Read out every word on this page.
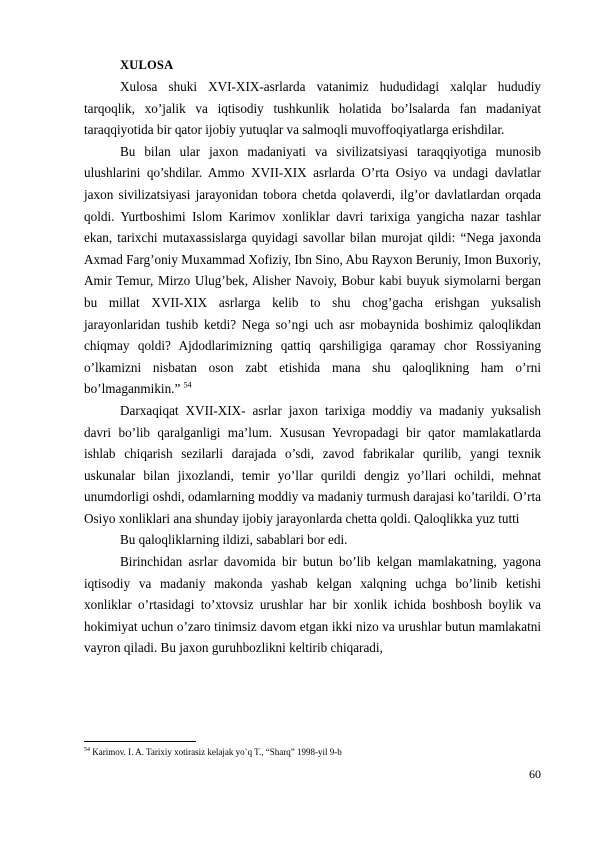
XULOSA

Xulosa shuki XVI-XIX-asrlarda vatanimiz hududidagi xalqlar hududiy tarqoqlik, xo’jalik va iqtisodiy tushkunlik holatida bo’lsalarda fan madaniyat taraqqiyotida bir qator ijobiy yutuqlar va salmoqli muvoffoqiyatlarga erishdilar.

Bu bilan ular jaxon madaniyati va sivilizatsiyasi taraqqiyotiga munosib ulushlarini qo’shdilar. Ammo XVII-XIX asrlarda O’rta Osiyo va undagi davlatlar jaxon sivilizatsiyasi jarayonidan tobora chetda qolaverdi, ilg’or davlatlardan orqada qoldi. Yurtboshimi Islom Karimov xonliklar davri tarixiga yangicha nazar tashlar ekan, tarixchi mutaxassislarga quyidagi savollar bilan murojat qildi: “Nega jaxonda Axmad Farg’oniy Muxammad Xofiziy, Ibn Sino, Abu Rayxon Beruniy, Imon Buxoriy, Amir Temur, Mirzo Ulug’bek, Alisher Navoiy, Bobur kabi buyuk siymolarni bergan bu millat XVII-XIX asrlarga kelib to shu chog’gacha erishgan yuksalish jarayonlaridan tushib ketdi? Nega so’ngi uch asr mobaynida boshimiz qaloqlikdan chiqmay qoldi? Ajdodlarimizning qattiq qarshiligiga qaramay chor Rossiyaning o’lkamizni nisbatan oson zabt etishida mana shu qaloqlikning ham o’rni bo’lmaganmikin.” $^{54}$

Darxaqiqat XVII-XIX- asrlar jaxon tarixiga moddiy va madaniy yuksalish davri bo’lib qaralganligi ma’lum. Xususan Yevropadagi bir qator mamlakatlarda ishlab chiqarish sezilarli darajada o’sdi, zavod fabrikalar qurilib, yangi texnik uskunalar bilan jixozlandi, temir yo’llar qurildi dengiz yo’llari ochildi, mehnat unumdorligi oshdi, odamlarning moddiy va madaniy turmush darajasi ko’tarildi. O’rta Osiyo xonliklari ana shunday ijobiy jarayonlarda chetta qoldi. Qaloqlikka yuz tutti

Bu qaloqliklarning ildizi, sabablari bor edi.

Birinchidan asrlar davomida bir butun bo’lib kelgan mamlakatning, yagona iqtisodiy va madaniy makonda yashab kelgan xalqning uchga bo’linib ketishi xonliklar o’rtasidagi to’xtovsiz urushlar har bir xonlik ichida boshbosh boylik va hokimiyat uchun o’zaro tinimsiz davom etgan ikki nizo va urushlar butun mamlakatni vayron qiladi. Bu jaxon guruhbozlikni keltirib chiqaradi,

$^{54}$ Karimov. I. A. Tarixiy xotirasiz kelajak yo`q T., “Sharq” 1998-yil 9-b
60
